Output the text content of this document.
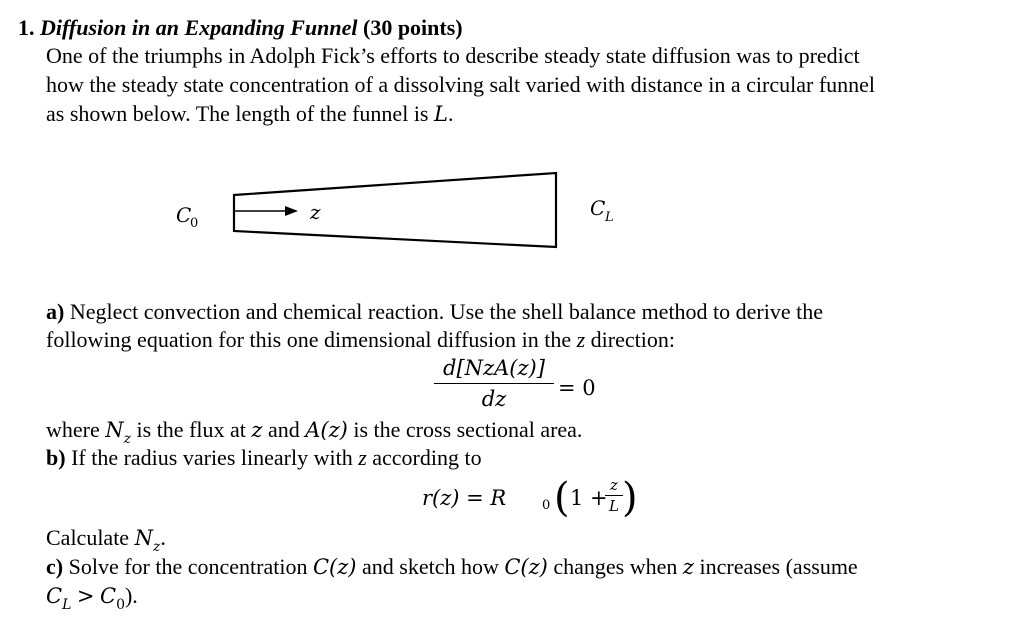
1. Diffusion in an Expanding Funnel (30 points)
One of the triumphs in Adolph Fick’s efforts to describe steady state diffusion was to predict
how the steady state concentration of a dissolving salt varied with distance in a circular funnel
as shown below. The length of the funnel is L.
C
0	z	C L
a) Neglect convection and chemical reaction. Use the shell balance method to derive the
following equation for this one dimensional diffusion in the z direction:
d[NzA(z)]
dz	= 0
where $N_z$ is the flux at z and A(z) is the cross sectional area.
b) If the radius varies linearly with z according to
r(z) = R	0 ( 1 +
z
L )
Calculate $N_z$.
c) Solve for the concentration C(z) and sketch how C(z) changes when z increases (assume
$C_L > C_0$).
